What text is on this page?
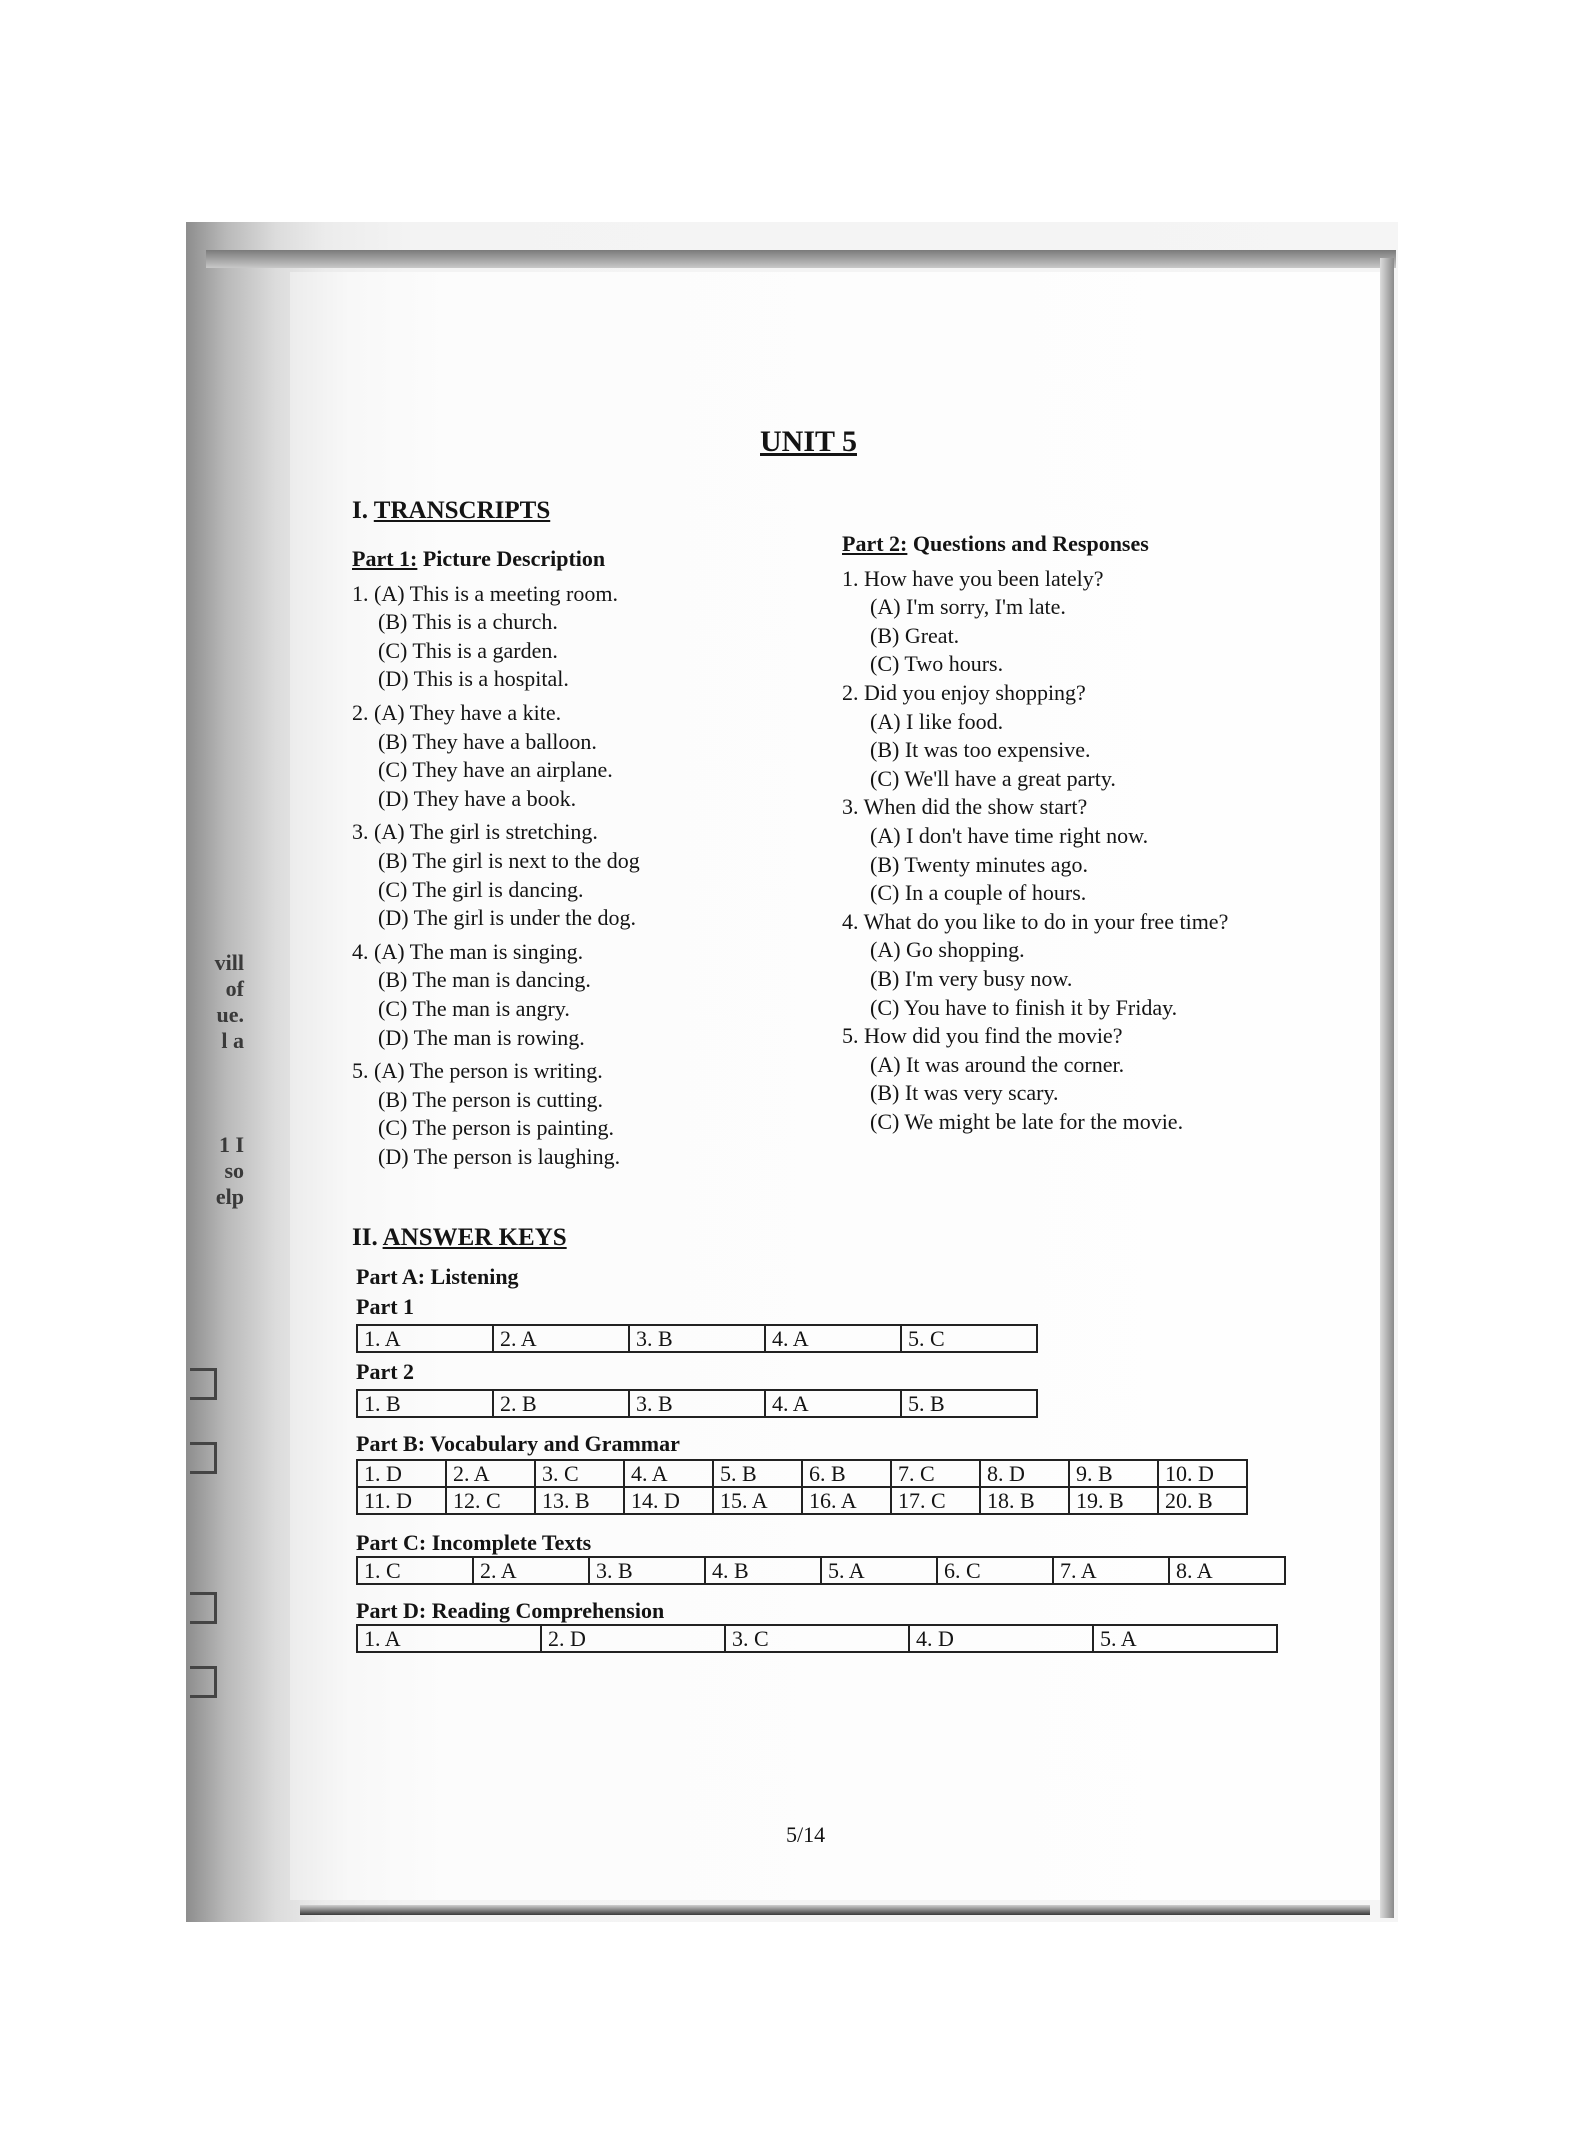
vill
of
ue.
l a
1 I
so
elp
UNIT 5
I. TRANSCRIPTS
Part 1: Picture Description
1. (A) This is a meeting room.
(B) This is a church.
(C) This is a garden.
(D) This is a hospital.
2. (A) They have a kite.
(B) They have a balloon.
(C) They have an airplane.
(D) They have a book.
3. (A) The girl is stretching.
(B) The girl is next to the dog
(C) The girl is dancing.
(D) The girl is under the dog.
4. (A) The man is singing.
(B) The man is dancing.
(C) The man is angry.
(D) The man is rowing.
5. (A) The person is writing.
(B) The person is cutting.
(C) The person is painting.
(D) The person is laughing.
Part 2: Questions and Responses
1. How have you been lately?
(A) I'm sorry, I'm late.
(B) Great.
(C) Two hours.
2. Did you enjoy shopping?
(A) I like food.
(B) It was too expensive.
(C) We'll have a great party.
3. When did the show start?
(A) I don't have time right now.
(B) Twenty minutes ago.
(C) In a couple of hours.
4. What do you like to do in your free time?
(A) Go shopping.
(B) I'm very busy now.
(C) You have to finish it by Friday.
5. How did you find the movie?
(A) It was around the corner.
(B) It was very scary.
(C) We might be late for the movie.
II. ANSWER KEYS
Part A: Listening
Part 1
1. A	2. A	3. B	4. A	5. C
Part 2
1. B	2. B	3. B	4. A	5. B
Part B: Vocabulary and Grammar
1. D	2. A	3. C	4. A	5. B	6. B	7. C	8. D	9. B	10. D
11. D	12. C	13. B	14. D	15. A	16. A	17. C	18. B	19. B	20. B
Part C: Incomplete Texts
1. C	2. A	3. B	4. B	5. A	6. C	7. A	8. A
Part D: Reading Comprehension
1. A	2. D	3. C	4. D	5. A
5/14
